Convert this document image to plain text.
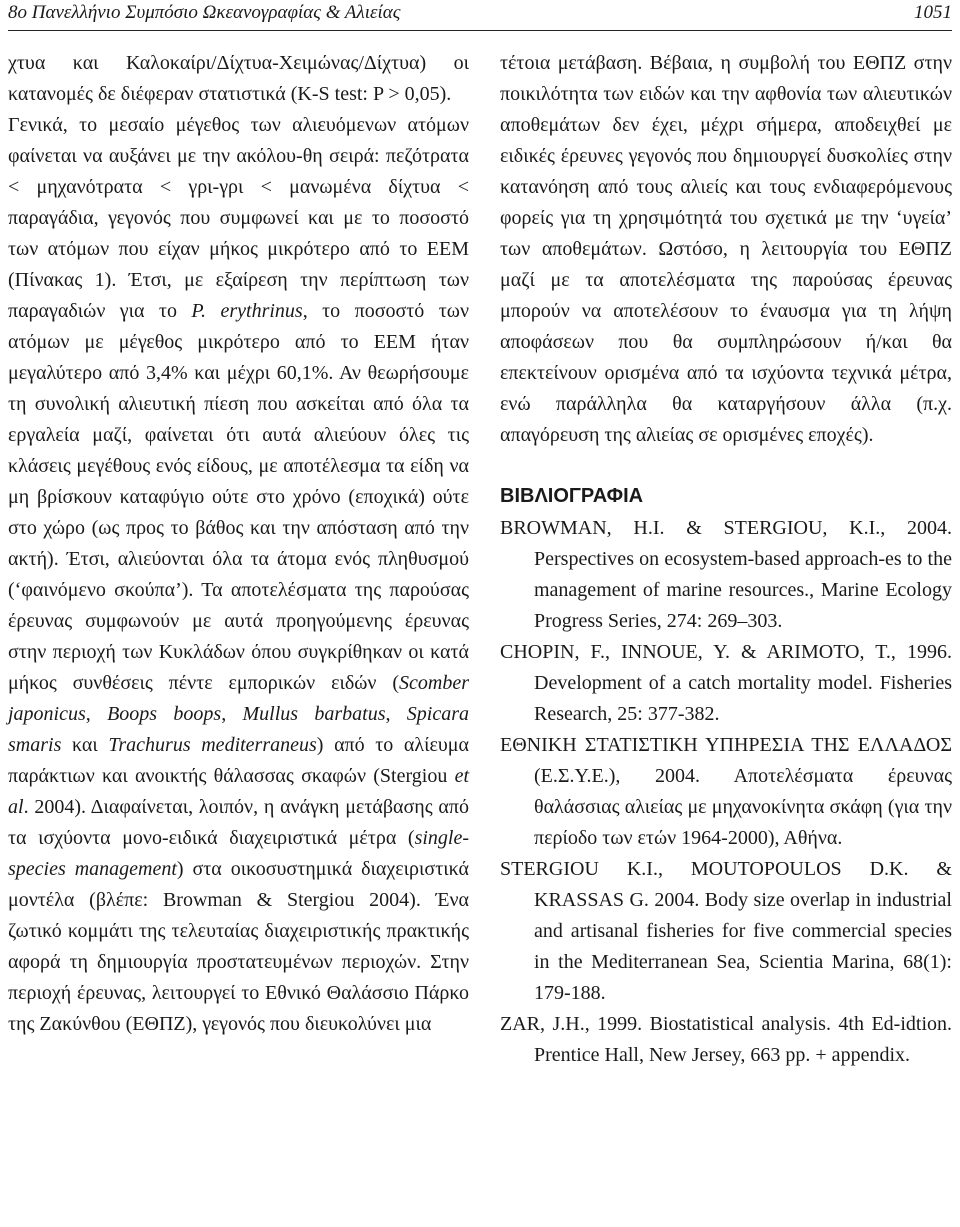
8ο Πανελλήνιο Συμπόσιο Ωκεανογραφίας & Αλιείας	1051

χτυα και Καλοκαίρι/Δίχτυα-Χειμώνας/Δίχτυα) οι κατανομές δε διέφεραν στατιστικά (K-S test: P > 0,05).

Γενικά, το μεσαίο μέγεθος των αλιευόμενων ατόμων φαίνεται να αυξάνει με την ακόλου-θη σειρά: πεζότρατα < μηχανότρατα < γρι-γρι < μανωμένα δίχτυα < παραγάδια, γεγονός που συμφωνεί και με το ποσοστό των ατόμων που είχαν μήκος μικρότερο από το ΕΕΜ (Πίνακας 1). Έτσι, με εξαίρεση την περίπτωση των παραγαδιών για το P. erythrinus, το ποσοστό των ατόμων με μέγεθος μικρότερο από το ΕΕΜ ήταν μεγαλύτερο από 3,4% και μέχρι 60,1%. Αν θεωρήσουμε τη συνολική αλιευτική πίεση που ασκείται από όλα τα εργαλεία μαζί, φαίνεται ότι αυτά αλιεύουν όλες τις κλάσεις μεγέθους ενός είδους, με αποτέλεσμα τα είδη να μη βρίσκουν καταφύγιο ούτε στο χρόνο (εποχικά) ούτε στο χώρο (ως προς το βάθος και την απόσταση από την ακτή). Έτσι, αλιεύονται όλα τα άτομα ενός πληθυσμού (‘φαινόμενο σκούπα’). Τα αποτελέσματα της παρούσας έρευνας συμφωνούν με αυτά προηγούμενης έρευνας στην περιοχή των Κυκλάδων όπου συγκρίθηκαν οι κατά μήκος συνθέσεις πέντε εμπορικών ειδών (Scomber japonicus, Boops boops, Mullus barbatus, Spicara smaris και Trachurus mediterraneus) από το αλίευμα παράκτιων και ανοικτής θάλασσας σκαφών (Stergiou et al. 2004). Διαφαίνεται, λοιπόν, η ανάγκη μετάβασης από τα ισχύοντα μονο-ειδικά διαχειριστικά μέτρα (single-species management) στα οικοσυστημικά διαχειριστικά μοντέλα (βλέπε: Browman & Stergiou 2004). Ένα ζωτικό κομμάτι της τελευταίας διαχειριστικής πρακτικής αφορά τη δημιουργία προστατευμένων περιοχών. Στην περιοχή έρευνας, λειτουργεί το Εθνικό Θαλάσσιο Πάρκο της Ζακύνθου (ΕΘΠΖ), γεγονός που διευκολύνει μια

τέτοια μετάβαση. Βέβαια, η συμβολή του ΕΘΠΖ στην ποικιλότητα των ειδών και την αφθονία των αλιευτικών αποθεμάτων δεν έχει, μέχρι σήμερα, αποδειχθεί με ειδικές έρευνες γεγονός που δημιουργεί δυσκολίες στην κατανόηση από τους αλιείς και τους ενδιαφερόμενους φορείς για τη χρησιμότητά του σχετικά με την ‘υγεία’ των αποθεμάτων. Ωστόσο, η λειτουργία του ΕΘΠΖ μαζί με τα αποτελέσματα της παρούσας έρευνας μπορούν να αποτελέσουν το έναυσμα για τη λήψη αποφάσεων που θα συμπληρώσουν ή/και θα επεκτείνουν ορισμένα από τα ισχύοντα τεχνικά μέτρα, ενώ παράλληλα θα καταργήσουν άλλα (π.χ. απαγόρευση της αλιείας σε ορισμένες εποχές).

ΒΙΒΛΙΟΓΡΑΦΙΑ

BROWMAN, H.I. & STERGIOU, K.I., 2004. Perspectives on ecosystem-based approach-es to the management of marine resources., Marine Ecology Progress Series, 274: 269–303.

CHOPIN, F., INNOUE, Y. & ARIMOTO, T., 1996. Development of a catch mortality model. Fisheries Research, 25: 377-382.

ΕΘΝΙΚΗ ΣΤΑΤΙΣΤΙΚΗ ΥΠΗΡΕΣΙΑ ΤΗΣ ΕΛΛΑΔΟΣ (Ε.Σ.Υ.Ε.), 2004. Αποτελέσματα έρευνας θαλάσσιας αλιείας με μηχανοκίνητα σκάφη (για την περίοδο των ετών 1964-2000), Αθήνα.

STERGIOU K.I., MOUTOPOULOS D.K. & KRASSAS G. 2004. Body size overlap in industrial and artisanal fisheries for five commercial species in the Mediterranean Sea, Scientia Marina, 68(1): 179-188.

ZAR, J.H., 1999. Biostatistical analysis. 4th Ed-idtion. Prentice Hall, New Jersey, 663 pp. + appendix.
